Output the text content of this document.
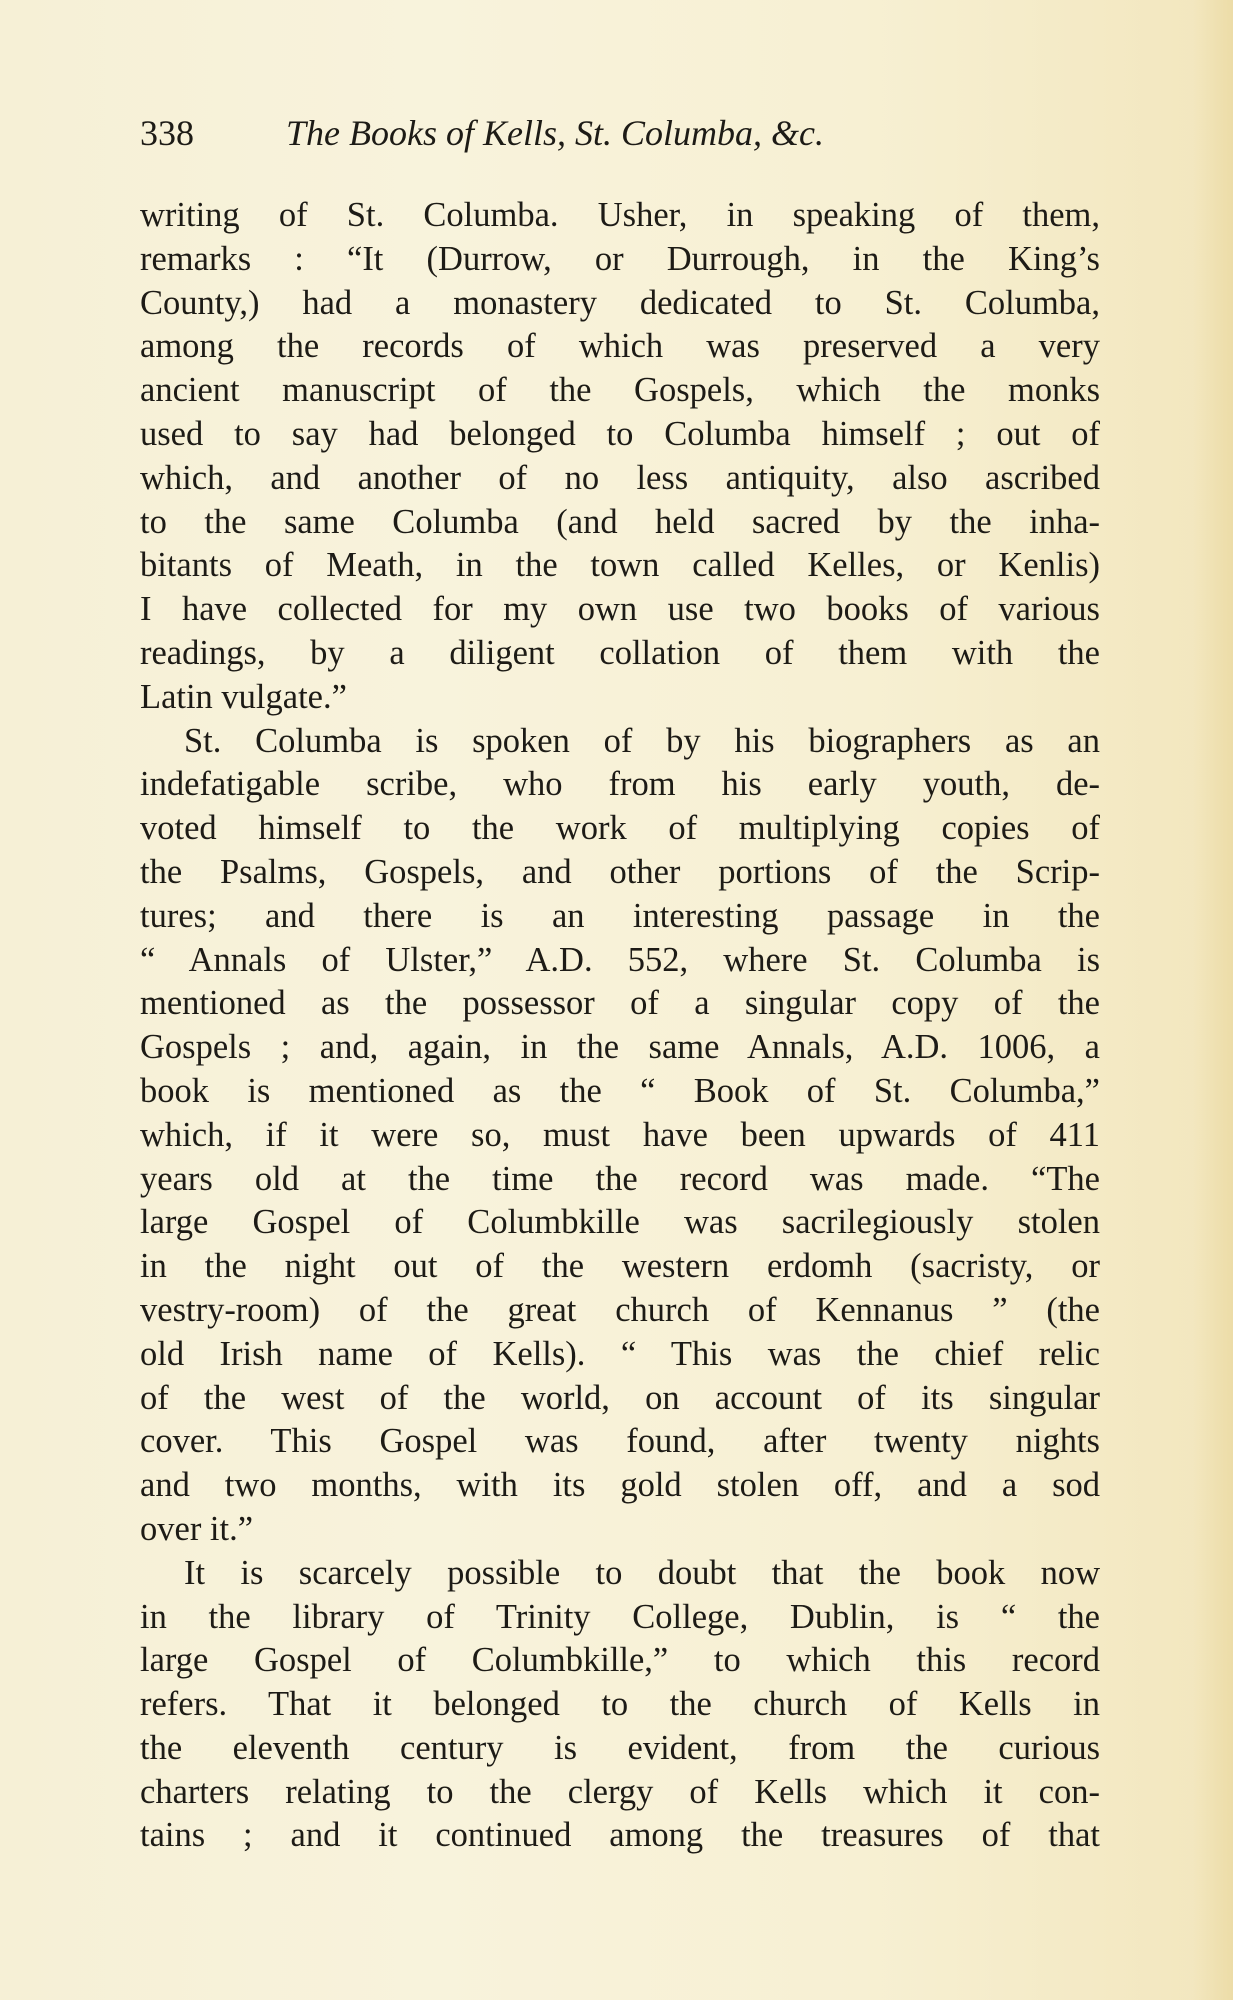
338	The Books of Kells, St. Columba, &c.
writing of St. Columba. Usher, in speaking of them,
remarks : “It (Durrow, or Durrough, in the King’s
County,) had a monastery dedicated to St. Columba,
among the records of which was preserved a very
ancient manuscript of the Gospels, which the monks
used to say had belonged to Columba himself ; out of
which, and another of no less antiquity, also ascribed
to the same Columba (and held sacred by the inha-
bitants of Meath, in the town called Kelles, or Kenlis)
I have collected for my own use two books of various
readings, by a diligent collation of them with the
Latin vulgate.”
St. Columba is spoken of by his biographers as an
indefatigable scribe, who from his early youth, de-
voted himself to the work of multiplying copies of
the Psalms, Gospels, and other portions of the Scrip-
tures; and there is an interesting passage in the
“ Annals of Ulster,” A.D. 552, where St. Columba is
mentioned as the possessor of a singular copy of the
Gospels ; and, again, in the same Annals, A.D. 1006, a
book is mentioned as the “ Book of St. Columba,”
which, if it were so, must have been upwards of 411
years old at the time the record was made. “The
large Gospel of Columbkille was sacrilegiously stolen
in the night out of the western erdomh (sacristy, or
vestry-room) of the great church of Kennanus ” (the
old Irish name of Kells). “ This was the chief relic
of the west of the world, on account of its singular
cover. This Gospel was found, after twenty nights
and two months, with its gold stolen off, and a sod
over it.”
It is scarcely possible to doubt that the book now
in the library of Trinity College, Dublin, is “ the
large Gospel of Columbkille,” to which this record
refers. That it belonged to the church of Kells in
the eleventh century is evident, from the curious
charters relating to the clergy of Kells which it con-
tains ; and it continued among the treasures of that
